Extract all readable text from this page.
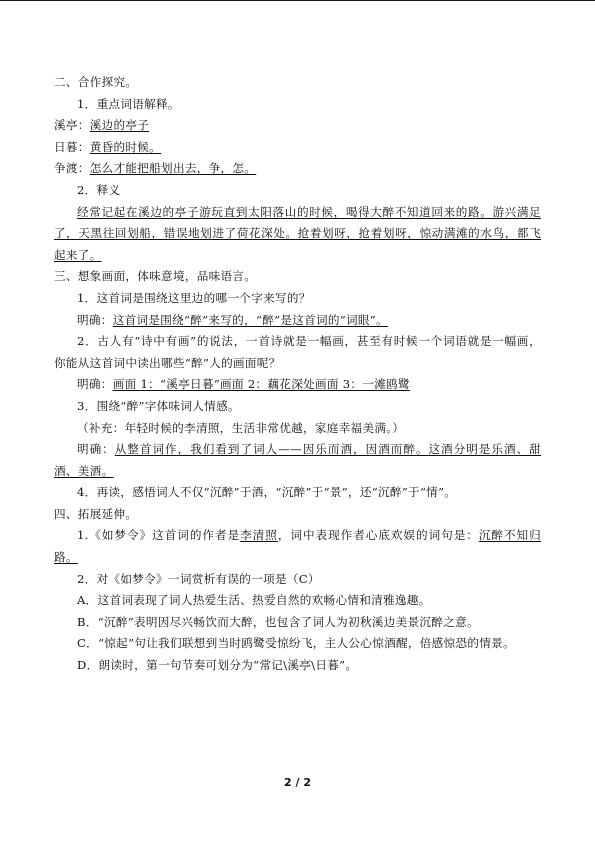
二、合作探究。
1．重点词语解释。
溪亭：溪边的亭子
日暮：黄昏的时候。
争渡：怎么才能把船划出去，争，怎。
2．释义
经常记起在溪边的亭子游玩直到太阳落山的时候，喝得大醉不知道回来的路。游兴满足
了，天黑往回划船，错误地划进了荷花深处。抢着划呀，抢着划呀，惊动满滩的水鸟，都飞
起来了。
三、想象画面，体味意境，品味语言。
1．这首词是围绕这里边的哪一个字来写的？
明确：这首词是围绕“醉”来写的，“醉”是这首词的“词眼”。
2．古人有“诗中有画”的说法，一首诗就是一幅画，甚至有时候一个词语就是一幅画，
你能从这首词中读出哪些“醉”人的画面呢？
明确：画面 1：“溪亭日暮”画面 2：藕花深处画面 3：一滩鸥鹭
3．围绕“醉”字体味词人情感。
（补充：年轻时候的李清照，生活非常优越，家庭幸福美满。）
明确：从整首词作，我们看到了词人——因乐而酒，因酒而醉。这酒分明是乐酒、甜
酒、美酒。
4．再读，感悟词人不仅“沉醉”于酒，“沉醉”于“景”，还“沉醉”于“情”。
四、拓展延伸。
1.《如梦令》这首词的作者是李清照，词中表现作者心底欢娱的词句是：沉醉不知归
路。
2．对《如梦令》一词赏析有误的一项是（C）
A．这首词表现了词人热爱生活、热爱自然的欢畅心情和清雅逸趣。
B．“沉醉”表明因尽兴畅饮而大醉，也包含了词人为初秋溪边美景沉醉之意。
C．“惊起”句让我们联想到当时鸥鹭受惊纷飞，主人公心惊酒醒，倍感惊恐的情景。
D．朗读时，第一句节奏可划分为“常记\溪亭\日暮”。
2 / 2
